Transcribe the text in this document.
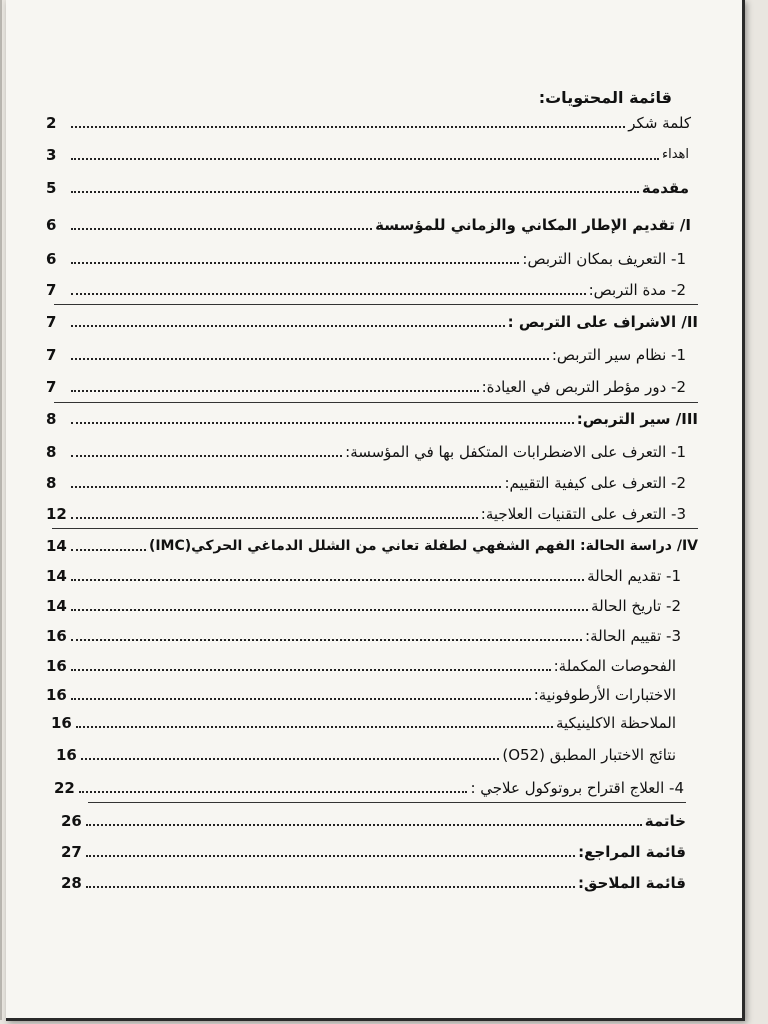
قائمة المحتويات:
كلمة شكر
2
اهداء
3
مقدمة
5
I/ تقديم الإطار المكاني والزماني للمؤسسة
6
1- التعريف بمكان التربص:
6
2- مدة التربص:
7
II/ الاشراف على التربص :
7
1- نظام سير التربص:
7
2- دور مؤطر التربص في العيادة:
7
III/ سير التربص:
8
1- التعرف على الاضطرابات المتكفل بها في المؤسسة:
8
2- التعرف على كيفية التقييم:
8
3- التعرف على التقنيات العلاجية:
12
IV/ دراسة الحالة: الفهم الشفهي لطفلة تعاني من الشلل الدماغي الحركي(IMC)
14
1- تقديم الحالة
14
2- تاريخ الحالة
14
3- تقييم الحالة:
16
الفحوصات المكملة:
16
الاختبارات الأرطوفونية:
16
الملاحظة الاكلينيكية
16
نتائج الاختبار المطبق (O52)
16
4- العلاج اقتراح بروتوكول علاجي :
22
خاتمة
26
قائمة المراجع:
27
قائمة الملاحق:
28
